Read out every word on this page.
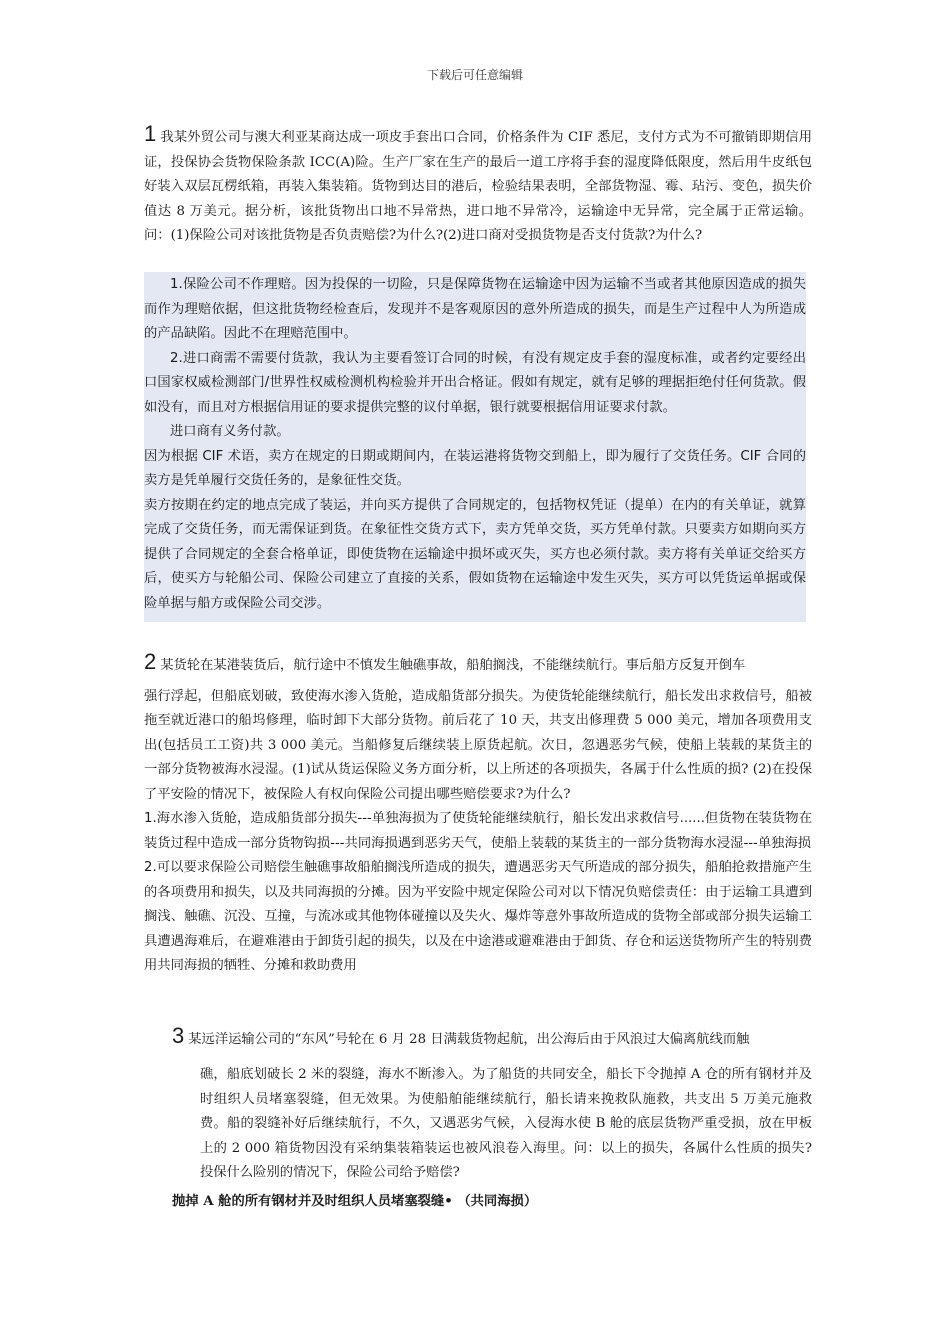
下载后可任意编辑

1 我某外贸公司与澳大利亚某商达成一项皮手套出口合同，价格条件为 CIF 悉尼，支付方式为不可撤销即期信用证，投保协会货物保险条款 ICC(A)险。生产厂家在生产的最后一道工序将手套的湿度降低限度，然后用牛皮纸包好装入双层瓦楞纸箱，再装入集装箱。货物到达目的港后，检验结果表明，全部货物湿、霉、玷污、变色，损失价值达 8 万美元。据分析，该批货物出口地不异常热，进口地不异常冷，运输途中无异常，完全属于正常运输。问：(1)保险公司对该批货物是否负责赔偿?为什么?(2)进口商对受损货物是否支付货款?为什么?

1.保险公司不作理赔。因为投保的一切险，只是保障货物在运输途中因为运输不当或者其他原因造成的损失而作为理赔依据，但这批货物经检查后，发现并不是客观原因的意外所造成的损失，而是生产过程中人为所造成的产品缺陷。因此不在理赔范围中。

2.进口商需不需要付货款，我认为主要看签订合同的时候，有没有规定皮手套的湿度标准，或者约定要经出口国家权威检测部门/世界性权威检测机构检验并开出合格证。假如有规定，就有足够的理据拒绝付任何货款。假如没有，而且对方根据信用证的要求提供完整的议付单据，银行就要根据信用证要求付款。

进口商有义务付款。

因为根据 CIF 术语，卖方在规定的日期或期间内，在装运港将货物交到船上，即为履行了交货任务。CIF 合同的卖方是凭单履行交货任务的，是象征性交货。

卖方按期在约定的地点完成了装运，并向买方提供了合同规定的，包括物权凭证（提单）在内的有关单证，就算完成了交货任务，而无需保证到货。在象征性交货方式下，卖方凭单交货，买方凭单付款。只要卖方如期向买方提供了合同规定的全套合格单证，即使货物在运输途中损坏或灭失，买方也必须付款。卖方将有关单证交给买方后，使买方与轮船公司、保险公司建立了直接的关系，假如货物在运输途中发生灭失，买方可以凭货运单据或保险单据与船方或保险公司交涉。

2 某货轮在某港装货后，航行途中不慎发生触礁事故，船舶搁浅，不能继续航行。事后船方反复开倒车

强行浮起，但船底划破，致使海水渗入货舱，造成船货部分损失。为使货轮能继续航行，船长发出求救信号，船被拖至就近港口的船坞修理，临时卸下大部分货物。前后花了 10 天，共支出修理费 5 000 美元，增加各项费用支出(包括员工工资)共 3 000 美元。当船修复后继续装上原货起航。次日，忽遇恶劣气候，使船上装载的某货主的一部分货物被海水浸湿。(1)试从货运保险义务方面分析，以上所述的各项损失，各属于什么性质的损? (2)在投保了平安险的情况下，被保险人有权向保险公司提出哪些赔偿要求?为什么?

1.海水渗入货舱，造成船货部分损失---单独海损为了使货轮能继续航行，船长发出求救信号......但货物在装货物在装货过程中造成一部分货物钩损---共同海损遇到恶劣天气，使船上装载的某货主的一部分货物海水浸湿---单独海损

2.可以要求保险公司赔偿生触礁事故船舶搁浅所造成的损失，遭遇恶劣天气所造成的部分损失，船舶抢救措施产生的各项费用和损失，以及共同海损的分摊。因为平安险中规定保险公司对以下情况负赔偿责任：由于运输工具遭到搁浅、触礁、沉没、互撞，与流冰或其他物体碰撞以及失火、爆炸等意外事故所造成的货物全部或部分损失运输工具遭遇海难后，在避难港由于卸货引起的损失，以及在中途港或避难港由于卸货、存仓和运送货物所产生的特别费用共同海损的牺牲、分摊和救助费用

3 某远洋运输公司的“东风”号轮在 6 月 28 日满载货物起航，出公海后由于风浪过大偏离航线而触

礁，船底划破长 2 米的裂缝，海水不断渗入。为了船货的共同安全，船长下令抛掉 A 仓的所有钢材并及时组织人员堵塞裂缝，但无效果。为使船舶能继续航行，船长请来挽救队施救，共支出 5 万美元施救费。船的裂缝补好后继续航行，不久，又遇恶劣气候，入侵海水使 B 舱的底层货物严重受损，放在甲板上的 2 000 箱货物因没有采纳集装箱装运也被风浪卷入海里。问：以上的损失，各属什么性质的损失?投保什么险别的情况下，保险公司给予赔偿?

抛掉 A 舱的所有钢材并及时组织人员堵塞裂缝• （共同海损）
